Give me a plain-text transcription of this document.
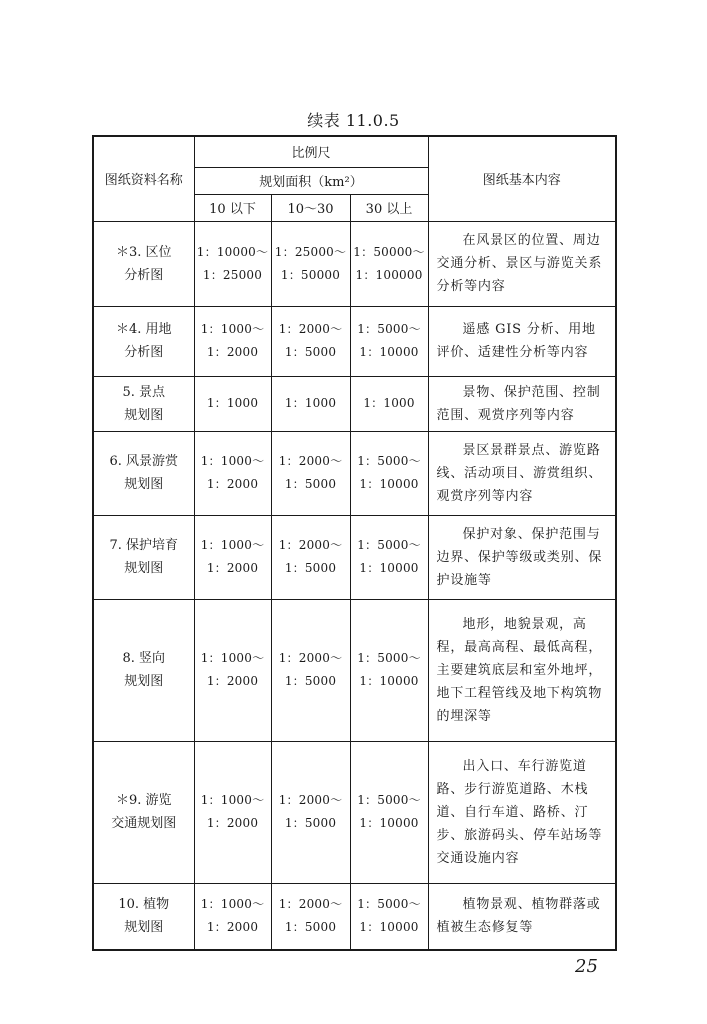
续表 11.0.5
图纸资料名称	比例尺			图纸基本内容
	规划面积（km²）			
	10 以下	10～30	30 以上	

＊3. 区位
分析图	1：10000～
1：25000	1：25000～
1：50000	1：50000～
1：100000	在风景区的位置、周边交通分析、景区与游览关系分析等内容

＊4. 用地
分析图	1：1000～
1：2000	1：2000～
1：5000	1：5000～
1：10000	遥感 GIS 分析、用地评价、适建性分析等内容

5. 景点
规划图	1：1000	1：1000	1：1000	景物、保护范围、控制范围、观赏序列等内容

6. 风景游赏
规划图	1：1000～
1：2000	1：2000～
1：5000	1：5000～
1：10000	景区景群景点、游览路线、活动项目、游赏组织、观赏序列等内容

7. 保护培育
规划图	1：1000～
1：2000	1：2000～
1：5000	1：5000～
1：10000	保护对象、保护范围与边界、保护等级或类别、保护设施等

8. 竖向
规划图	1：1000～
1：2000	1：2000～
1：5000	1：5000～
1：10000	地形，地貌景观，高程，最高高程、最低高程，主要建筑底层和室外地坪，地下工程管线及地下构筑物的埋深等

＊9. 游览
交通规划图	1：1000～
1：2000	1：2000～
1：5000	1：5000～
1：10000	出入口、车行游览道路、步行游览道路、木栈道、自行车道、路桥、汀步、旅游码头、停车站场等交通设施内容

10. 植物
规划图	1：1000～
1：2000	1：2000～
1：5000	1：5000～
1：10000	植物景观、植物群落或植被生态修复等
25
